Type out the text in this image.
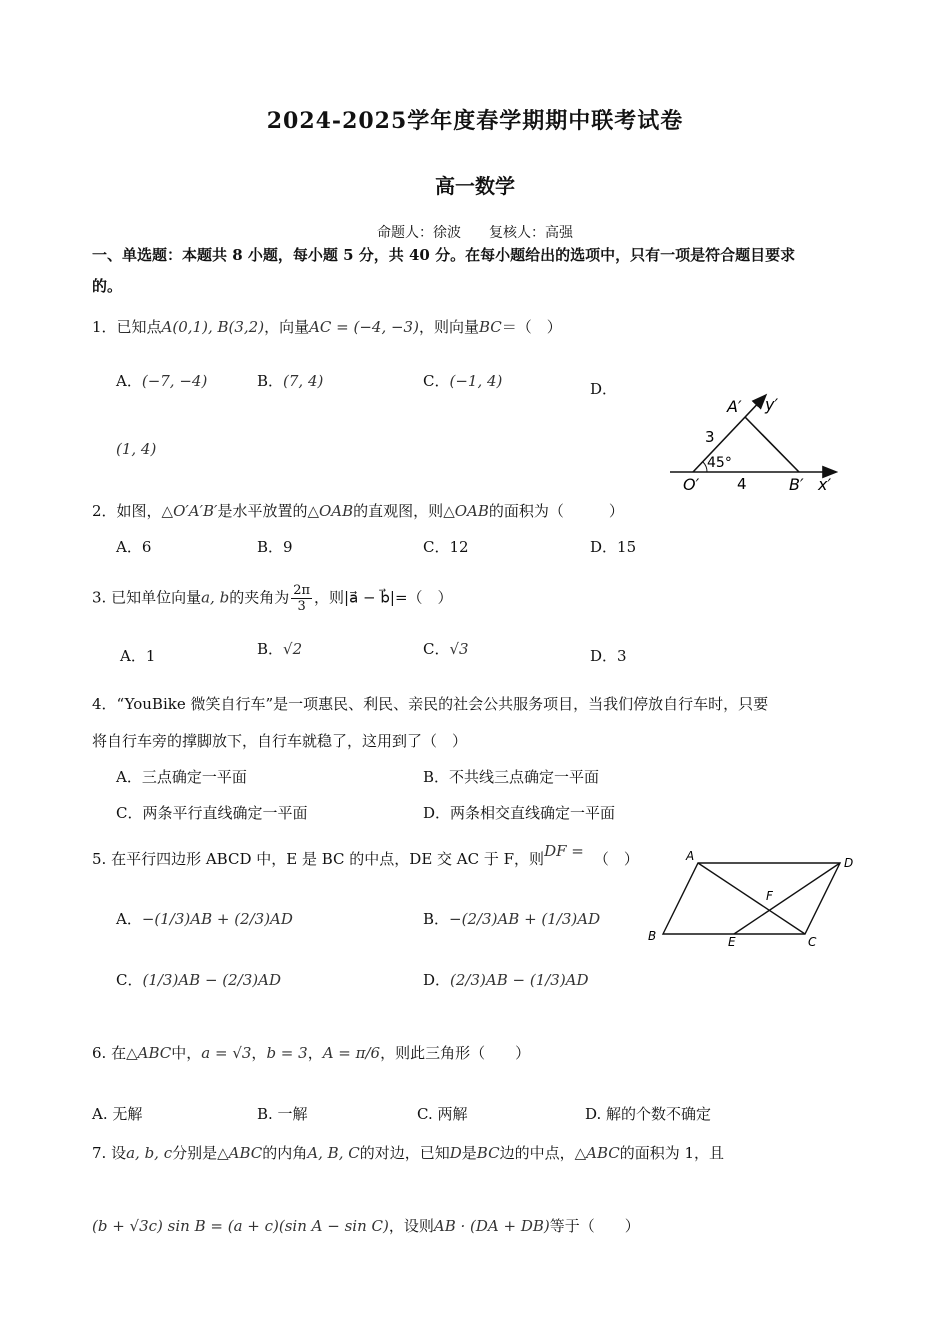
2024-2025学年度春学期期中联考试卷
高一数学
命题人：徐波　　复核人：高强
一、单选题：本题共 8 小题，每小题 5 分，共 40 分。在每小题给出的选项中，只有一项是符合题目要求
的。
1．已知点A(0,1), B(3,2)，向量AC = (−4, −3)，则向量BC＝（　）
A．(−7, −4)	B．(7, 4)	C．(−1, 4)	D．
(1, 4)
A′ y′
O′	B′ x′
3
4
45°
2．如图，△O′A′B′是水平放置的△OAB的直观图，则△OAB的面积为（　　　）
A．6	B．9	C．12	D．15
3. 已知单位向量a, b的夹角为 $\frac{2\pi}{3}$ ，则|a⃗ − b⃗|=（　）
A．1	B．√2	C．√3	D．3
4．“YouBike 微笑自行车”是一项惠民、利民、亲民的社会公共服务项目，当我们停放自行车时，只要
将自行车旁的撑脚放下，自行车就稳了，这用到了（　）
A．三点确定一平面	B．不共线三点确定一平面
C．两条平行直线确定一平面	D．两条相交直线确定一平面
5. 在平行四边形 ABCD 中，E 是 BC 的中点，DE 交 AC 于 F，则DF = （　）
A．−(1/3)AB + (2/3)AD	B．−(2/3)AB + (1/3)AD
C．(1/3)AB − (2/3)AD	D．(2/3)AB − (1/3)AD
A	D
B	E	C
F
6. 在△ABC中，a = √3，b = 3，A = π/6，则此三角形（　　）
A. 无解	B. 一解	C. 两解	D. 解的个数不确定
7. 设a, b, c分别是△ABC的内角A, B, C的对边，已知D是BC边的中点，△ABC的面积为 1，且
(b + √3c) sin B = (a + c)(sin A − sin C)，设则AB · (DA + DB)等于（　　）
